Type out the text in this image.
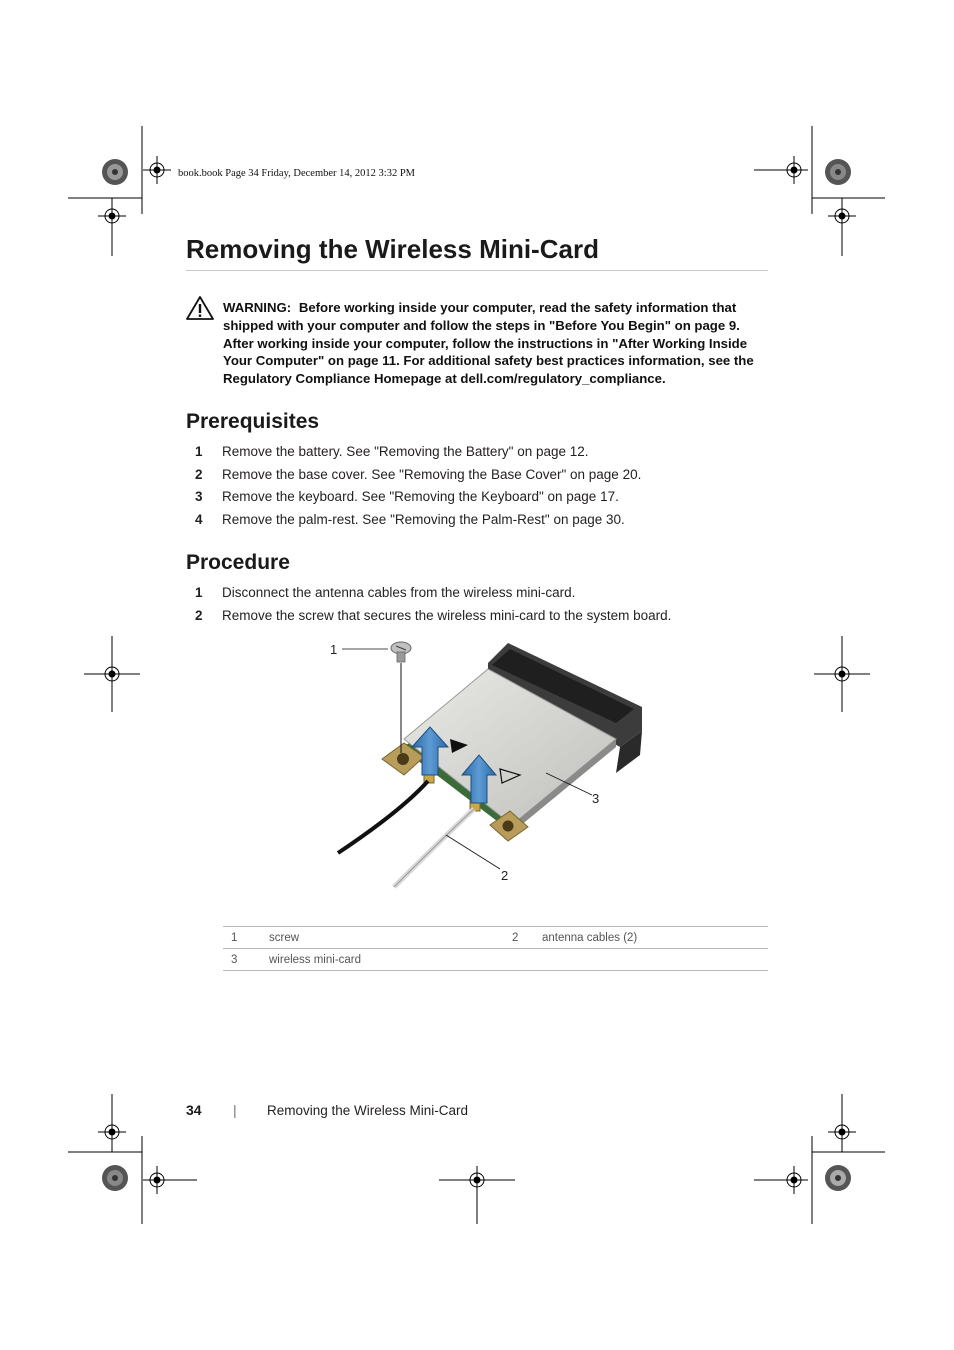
book.book Page 34 Friday, December 14, 2012 3:32 PM
Removing the Wireless Mini-Card
WARNING: Before working inside your computer, read the safety information that shipped with your computer and follow the steps in "Before You Begin" on page 9. After working inside your computer, follow the instructions in "After Working Inside Your Computer" on page 11. For additional safety best practices information, see the Regulatory Compliance Homepage at dell.com/regulatory_compliance.
Prerequisites
1 Remove the battery. See "Removing the Battery" on page 12.
2 Remove the base cover. See "Removing the Base Cover" on page 20.
3 Remove the keyboard. See "Removing the Keyboard" on page 17.
4 Remove the palm-rest. See "Removing the Palm-Rest" on page 30.
Procedure
1 Disconnect the antenna cables from the wireless mini-card.
2 Remove the screw that secures the wireless mini-card to the system board.
1
3
2
1	screw	2	antenna cables (2)
3	wireless mini-card		
34 | Removing the Wireless Mini-Card
